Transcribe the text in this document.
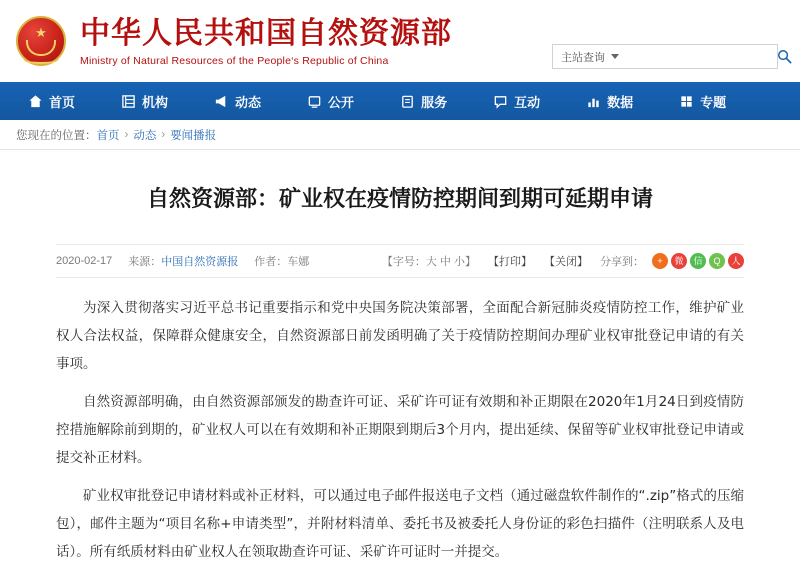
★ 中华人民共和国自然资源部
Ministry of Natural Resources of the People‘s Republic of China	主站查询
首页	机构	动态	公开	服务	互动	数据	专题
您现在的位置： 首页 › 动态 › 要闻播报
自然资源部：矿业权在疫情防控期间到期可延期申请
2020-02-17 来源：中国自然资源报 作者：车娜	【字号：大 中 小】 【打印】 【关闭】 分享到：	+	微	信	Q	人

为深入贯彻落实习近平总书记重要指示和党中央国务院决策部署，全面配合新冠肺炎疫情防控工作，维护矿业权人合法权益，保障群众健康安全，自然资源部日前发函明确了关于疫情防控期间办理矿业权审批登记申请的有关事项。

自然资源部明确，由自然资源部颁发的勘查许可证、采矿许可证有效期和补正期限在2020年1月24日到疫情防控措施解除前到期的，矿业权人可以在有效期和补正期限到期后3个月内，提出延续、保留等矿业权审批登记申请或提交补正材料。

矿业权审批登记申请材料或补正材料，可以通过电子邮件报送电子文档（通过磁盘软件制作的“.zip”格式的压缩包），邮件主题为“项目名称+申请类型”，并附材料清单、委托书及被委托人身份证的彩色扫描件（注明联系人及电话）。所有纸质材料由矿业权人在领取勘查许可证、采矿许可证时一并提交。
